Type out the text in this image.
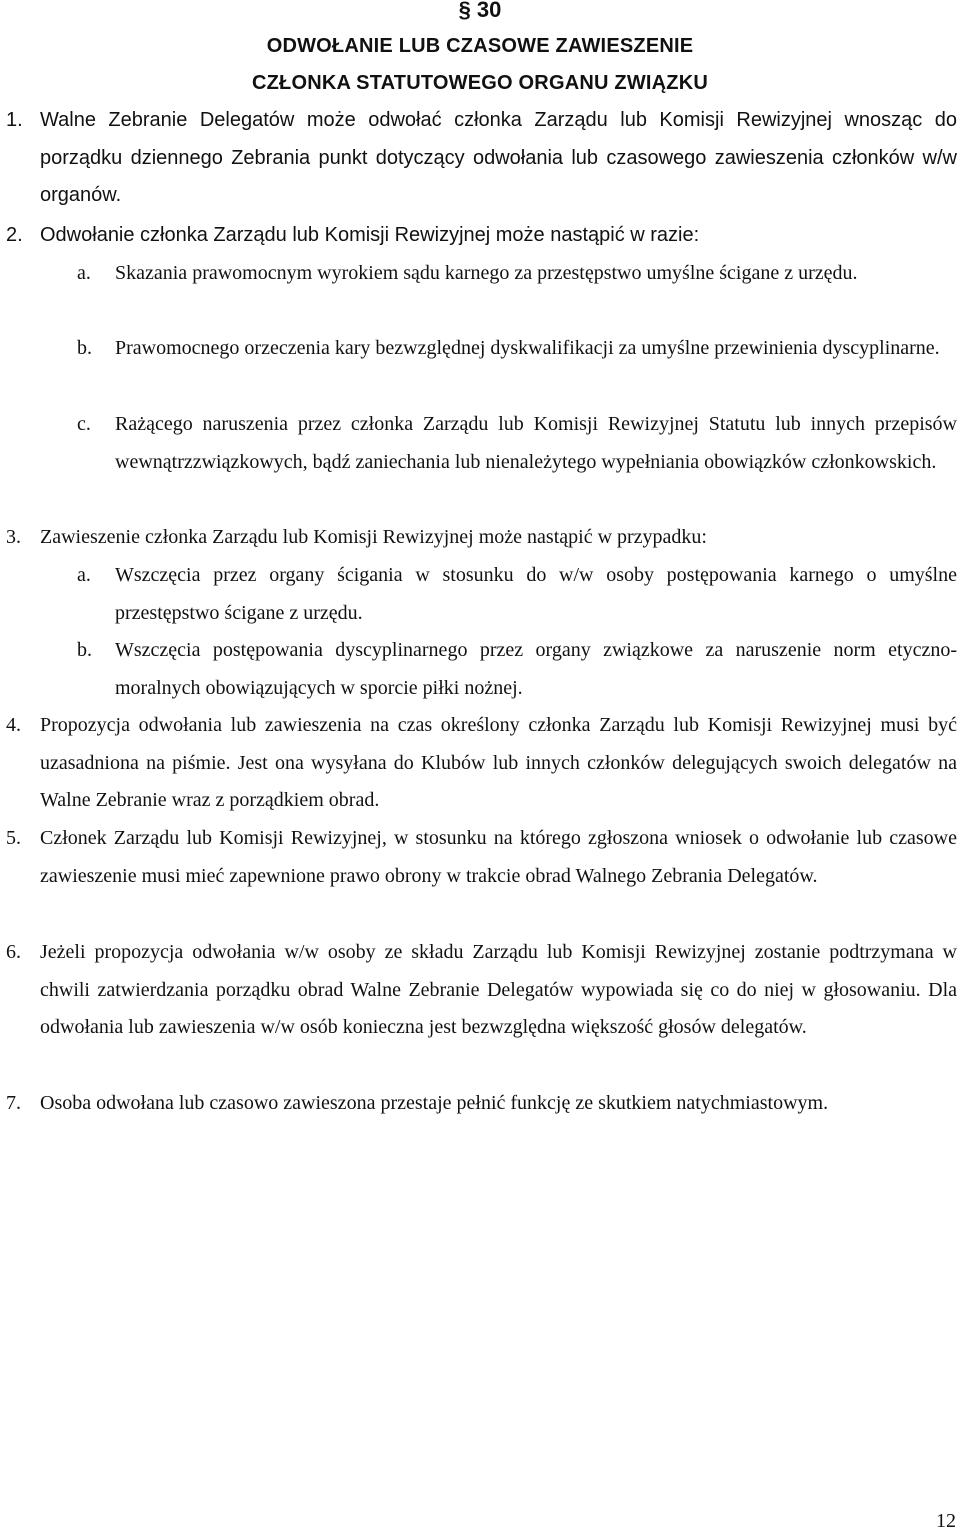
§ 30
ODWOŁANIE LUB CZASOWE ZAWIESZENIE
CZŁONKA STATUTOWEGO ORGANU ZWIĄZKU
1. Walne Zebranie Delegatów może odwołać członka Zarządu lub Komisji Rewizyjnej wnosząc do porządku dziennego Zebrania punkt dotyczący odwołania lub czasowego zawieszenia członków w/w organów.
2. Odwołanie członka Zarządu lub Komisji Rewizyjnej może nastąpić w razie:
a.	Skazania prawomocnym wyrokiem sądu karnego za przestępstwo umyślne ścigane z urzędu.
b.	Prawomocnego orzeczenia kary bezwzględnej dyskwalifikacji za umyślne przewinienia dyscyplinarne.
c.	Rażącego naruszenia przez członka Zarządu lub Komisji Rewizyjnej Statutu lub innych przepisów wewnątrzzwiązkowych, bądź zaniechania lub nienależytego wypełniania obowiązków członkowskich.
3. Zawieszenie członka Zarządu lub Komisji Rewizyjnej może nastąpić w przypadku:
a.	Wszczęcia przez organy ścigania w stosunku do w/w osoby postępowania karnego o umyślne przestępstwo ścigane z urzędu.
b.	Wszczęcia postępowania dyscyplinarnego przez organy związkowe za naruszenie norm etyczno-moralnych obowiązujących w sporcie piłki nożnej.
4. Propozycja odwołania lub zawieszenia na czas określony członka Zarządu lub Komisji Rewizyjnej musi być uzasadniona na piśmie. Jest ona wysyłana do Klubów lub innych członków delegujących swoich delegatów na Walne Zebranie wraz z porządkiem obrad.
5. Członek Zarządu lub Komisji Rewizyjnej, w stosunku na którego zgłoszona wniosek o odwołanie lub czasowe zawieszenie musi mieć zapewnione prawo obrony w trakcie obrad Walnego Zebrania Delegatów.
6. Jeżeli propozycja odwołania w/w osoby ze składu Zarządu lub Komisji Rewizyjnej zostanie podtrzymana w chwili zatwierdzania porządku obrad Walne Zebranie Delegatów wypowiada się co do niej w głosowaniu. Dla odwołania lub zawieszenia w/w osób konieczna jest bezwzględna większość głosów delegatów.
7. Osoba odwołana lub czasowo zawieszona przestaje pełnić funkcję ze skutkiem natychmiastowym.
12
